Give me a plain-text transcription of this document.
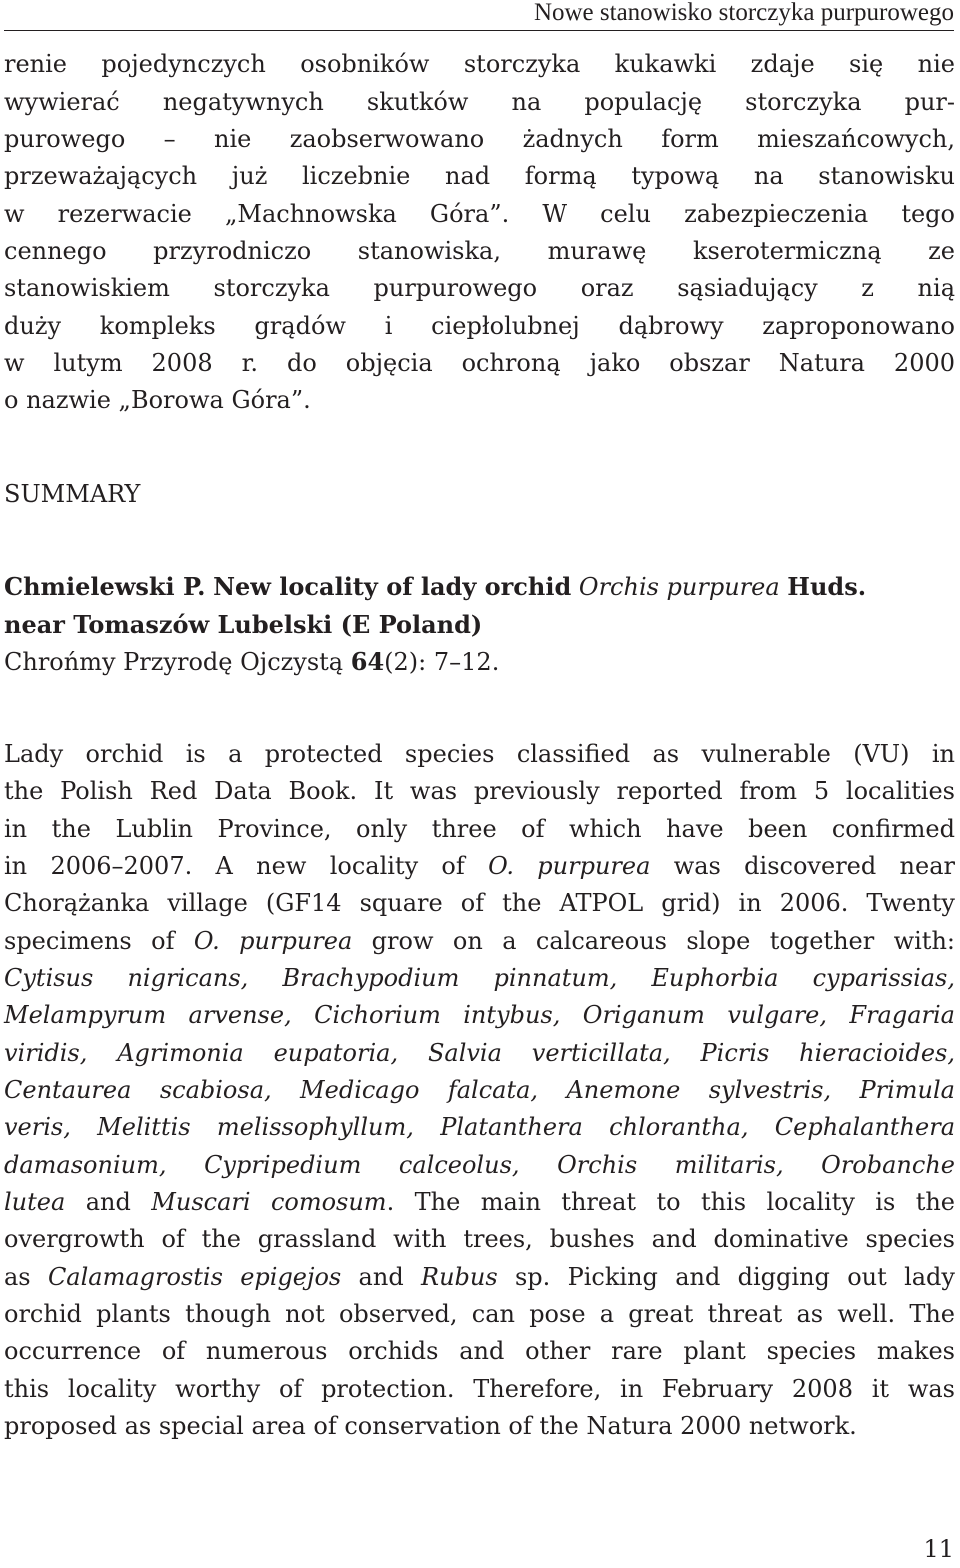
Nowe stanowisko storczyka purpurowego
renie pojedynczych osobników storczyka kukawki zdaje się nie
wywierać negatywnych skutków na populację storczyka pur-
purowego – nie zaobserwowano żadnych form mieszańcowych,
przeważających już liczebnie nad formą typową na stanowisku
w rezerwacie „Machnowska Góra”. W celu zabezpieczenia tego
cennego przyrodniczo stanowiska, murawę kserotermiczną ze
stanowiskiem storczyka purpurowego oraz sąsiadujący z nią
duży kompleks grądów i ciepłolubnej dąbrowy zaproponowano
w lutym 2008 r. do objęcia ochroną jako obszar Natura 2000
o nazwie „Borowa Góra”.
SUMMARY
Chmielewski P. New locality of lady orchid Orchis purpurea Huds.
near Tomaszów Lubelski (E Poland)
Chrońmy Przyrodę Ojczystą 64(2): 7–12.
Lady orchid is a protected species classified as vulnerable (VU) in
the Polish Red Data Book. It was previously reported from 5 localities
in the Lublin Province, only three of which have been confirmed
in 2006–2007. A new locality of O. purpurea was discovered near
Chorążanka village (GF14 square of the ATPOL grid) in 2006. Twenty
specimens of O. purpurea grow on a calcareous slope together with:
Cytisus nigricans, Brachypodium pinnatum, Euphorbia cyparissias,
Melampyrum arvense, Cichorium intybus, Origanum vulgare, Fragaria
viridis, Agrimonia eupatoria, Salvia verticillata, Picris hieracioides,
Centaurea scabiosa, Medicago falcata, Anemone sylvestris, Primula
veris, Melittis melissophyllum, Platanthera chlorantha, Cephalanthera
damasonium, Cypripedium calceolus, Orchis militaris, Orobanche
lutea and Muscari comosum. The main threat to this locality is the
overgrowth of the grassland with trees, bushes and dominative species
as Calamagrostis epigejos and Rubus sp. Picking and digging out lady
orchid plants though not observed, can pose a great threat as well. The
occurrence of numerous orchids and other rare plant species makes
this locality worthy of protection. Therefore, in February 2008 it was
proposed as special area of conservation of the Natura 2000 network.
11
